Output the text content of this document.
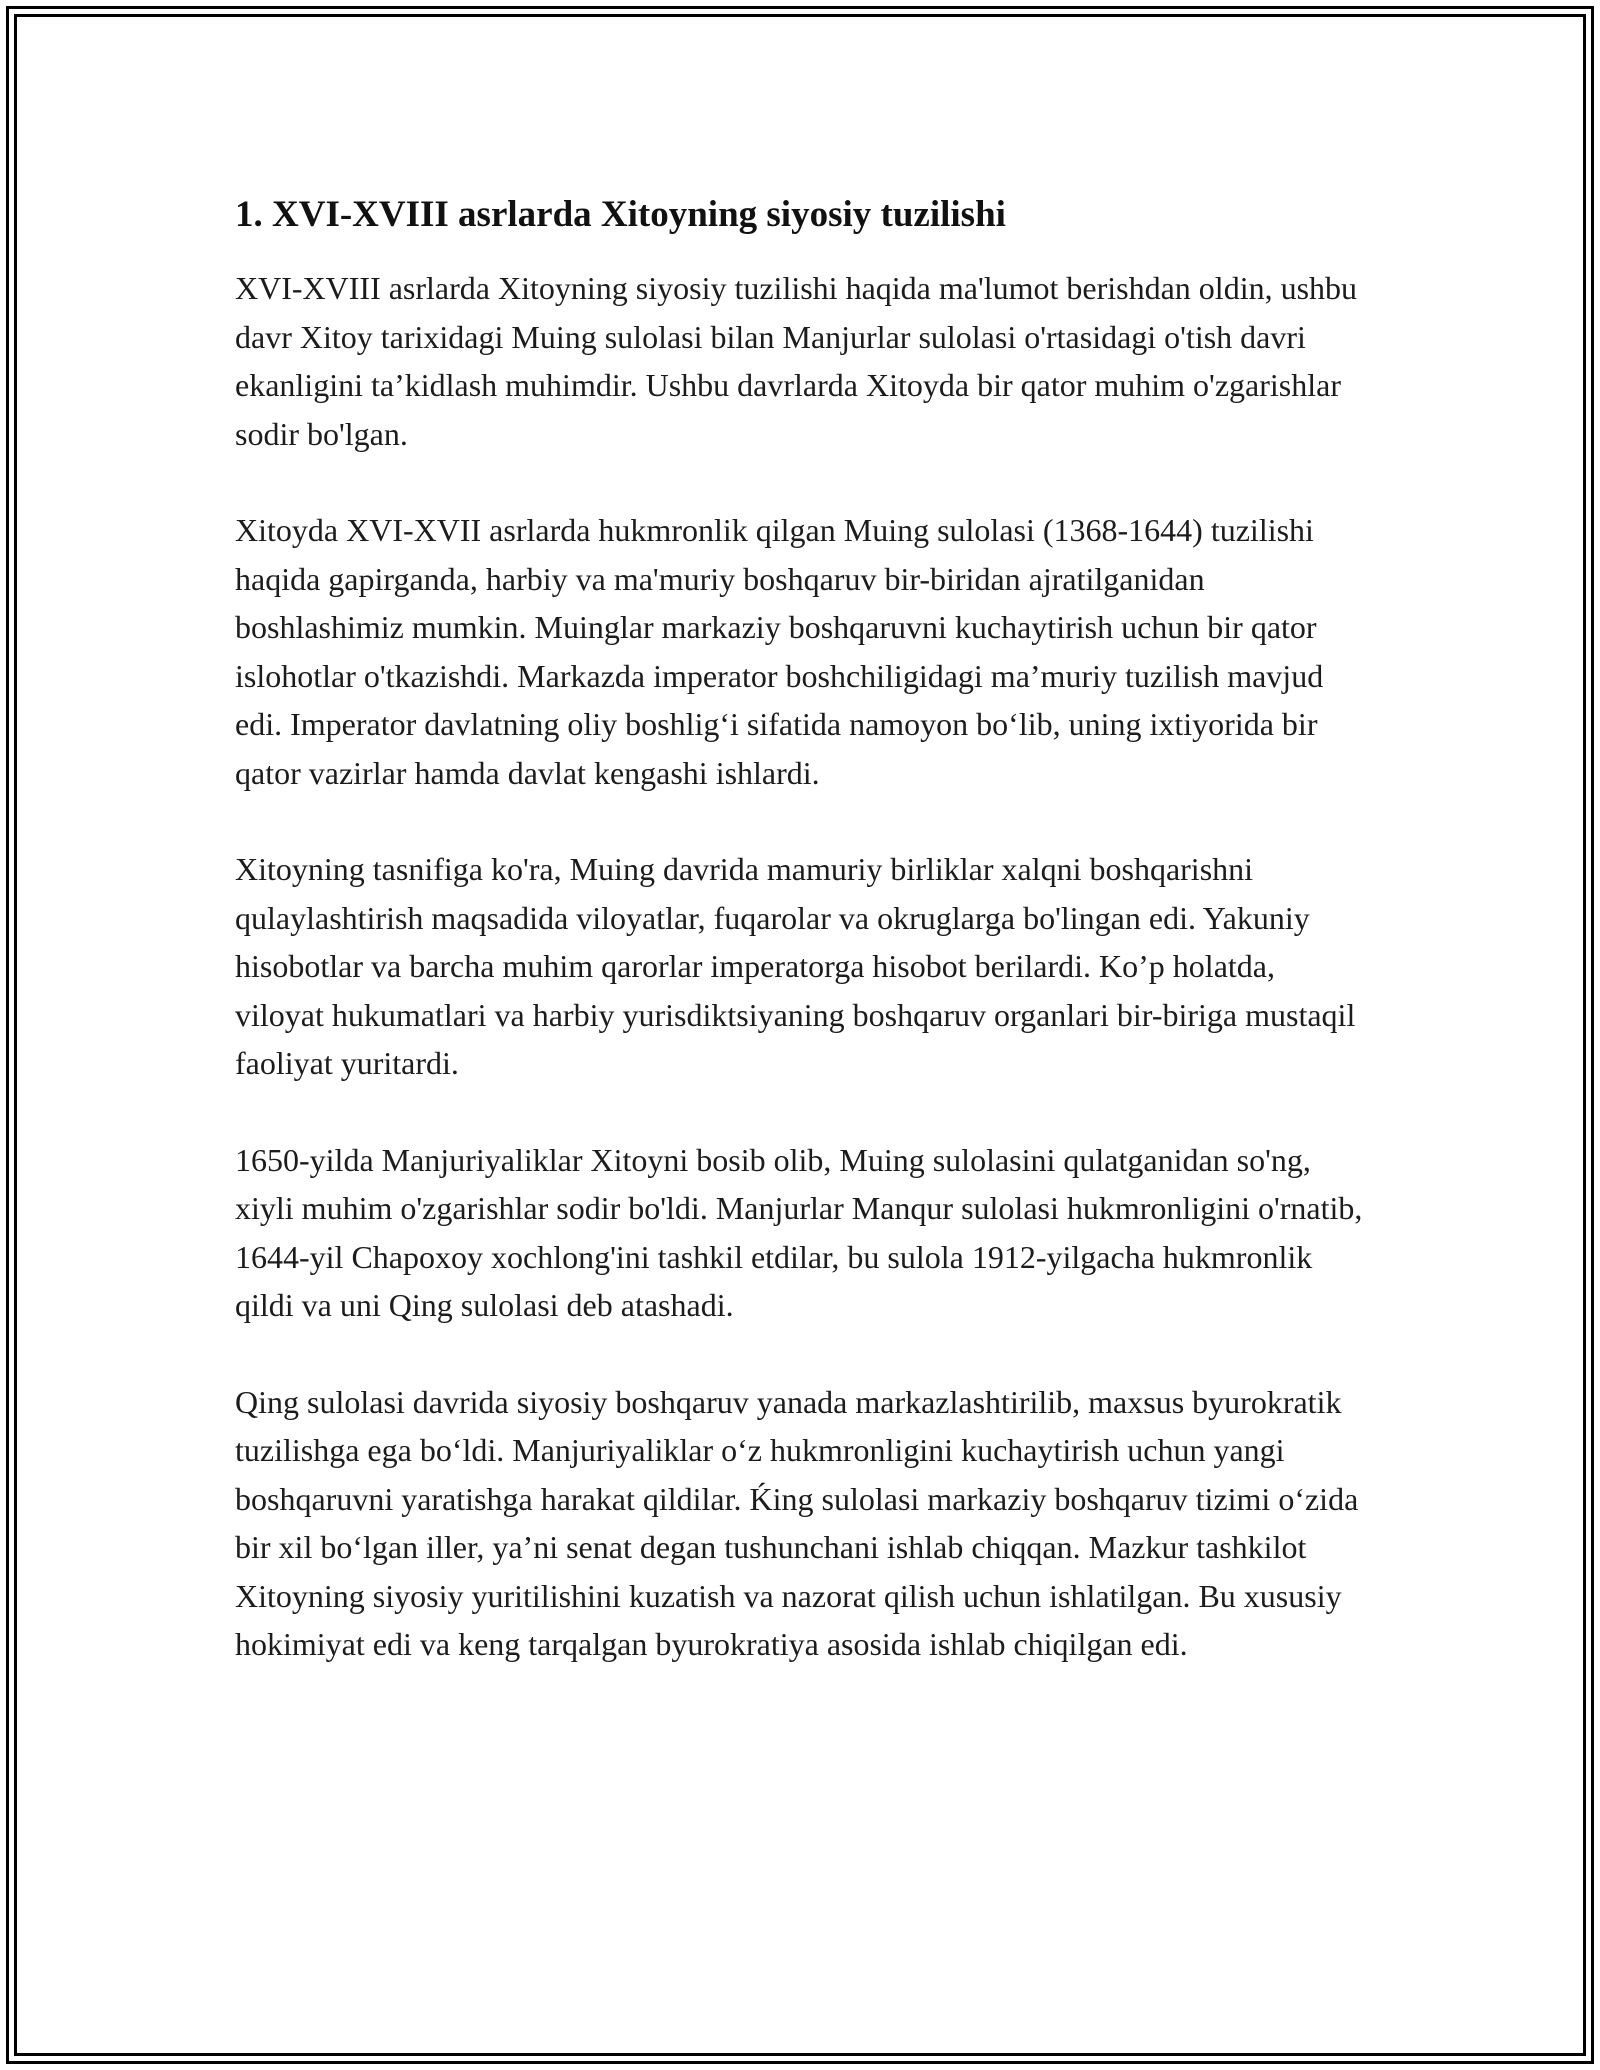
1. XVI-XVIII asrlarda Xitoyning siyosiy tuzilishi

XVI-XVIII asrlarda Xitoyning siyosiy tuzilishi haqida ma'lumot berishdan oldin, ushbu davr Xitoy tarixidagi Muing sulolasi bilan Manjurlar sulolasi o'rtasidagi o'tish davri ekanligini ta’kidlash muhimdir. Ushbu davrlarda Xitoyda bir qator muhim o'zgarishlar sodir bo'lgan.

Xitoyda XVI-XVII asrlarda hukmronlik qilgan Muing sulolasi (1368-1644) tuzilishi haqida gapirganda, harbiy va ma'muriy boshqaruv bir-biridan ajratilganidan boshlashimiz mumkin. Muinglar markaziy boshqaruvni kuchaytirish uchun bir qator islohotlar o'tkazishdi. Markazda imperator boshchiligidagi ma’muriy tuzilish mavjud edi. Imperator davlatning oliy boshlig‘i sifatida namoyon bo‘lib, uning ixtiyorida bir qator vazirlar hamda davlat kengashi ishlardi.

Xitoyning tasnifiga ko'ra, Muing davrida mamuriy birliklar xalqni boshqarishni qulaylashtirish maqsadida viloyatlar, fuqarolar va okruglarga bo'lingan edi. Yakuniy hisobotlar va barcha muhim qarorlar imperatorga hisobot berilardi. Ko’p holatda, viloyat hukumatlari va harbiy yurisdiktsiyaning boshqaruv organlari bir-biriga mustaqil faoliyat yuritardi.

1650-yilda Manjuriyaliklar Xitoyni bosib olib, Muing sulolasini qulatganidan so'ng, xiyli muhim o'zgarishlar sodir bo'ldi. Manjurlar Manqur sulolasi hukmronligini o'rnatib, 1644-yil Chapoxoy xochlong'ini tashkil etdilar, bu sulola 1912-yilgacha hukmronlik qildi va uni Qing sulolasi deb atashadi.

Qing sulolasi davrida siyosiy boshqaruv yanada markazlashtirilib, maxsus byurokratik tuzilishga ega bo‘ldi. Manjuriyaliklar o‘z hukmronligini kuchaytirish uchun yangi boshqaruvni yaratishga harakat qildilar. Ḱing sulolasi markaziy boshqaruv tizimi o‘zida bir xil bo‘lgan iller, ya’ni senat degan tushunchani ishlab chiqqan. Mazkur tashkilot Xitoyning siyosiy yuritilishini kuzatish va nazorat qilish uchun ishlatilgan. Bu xususiy hokimiyat edi va keng tarqalgan byurokratiya asosida ishlab chiqilgan edi.
